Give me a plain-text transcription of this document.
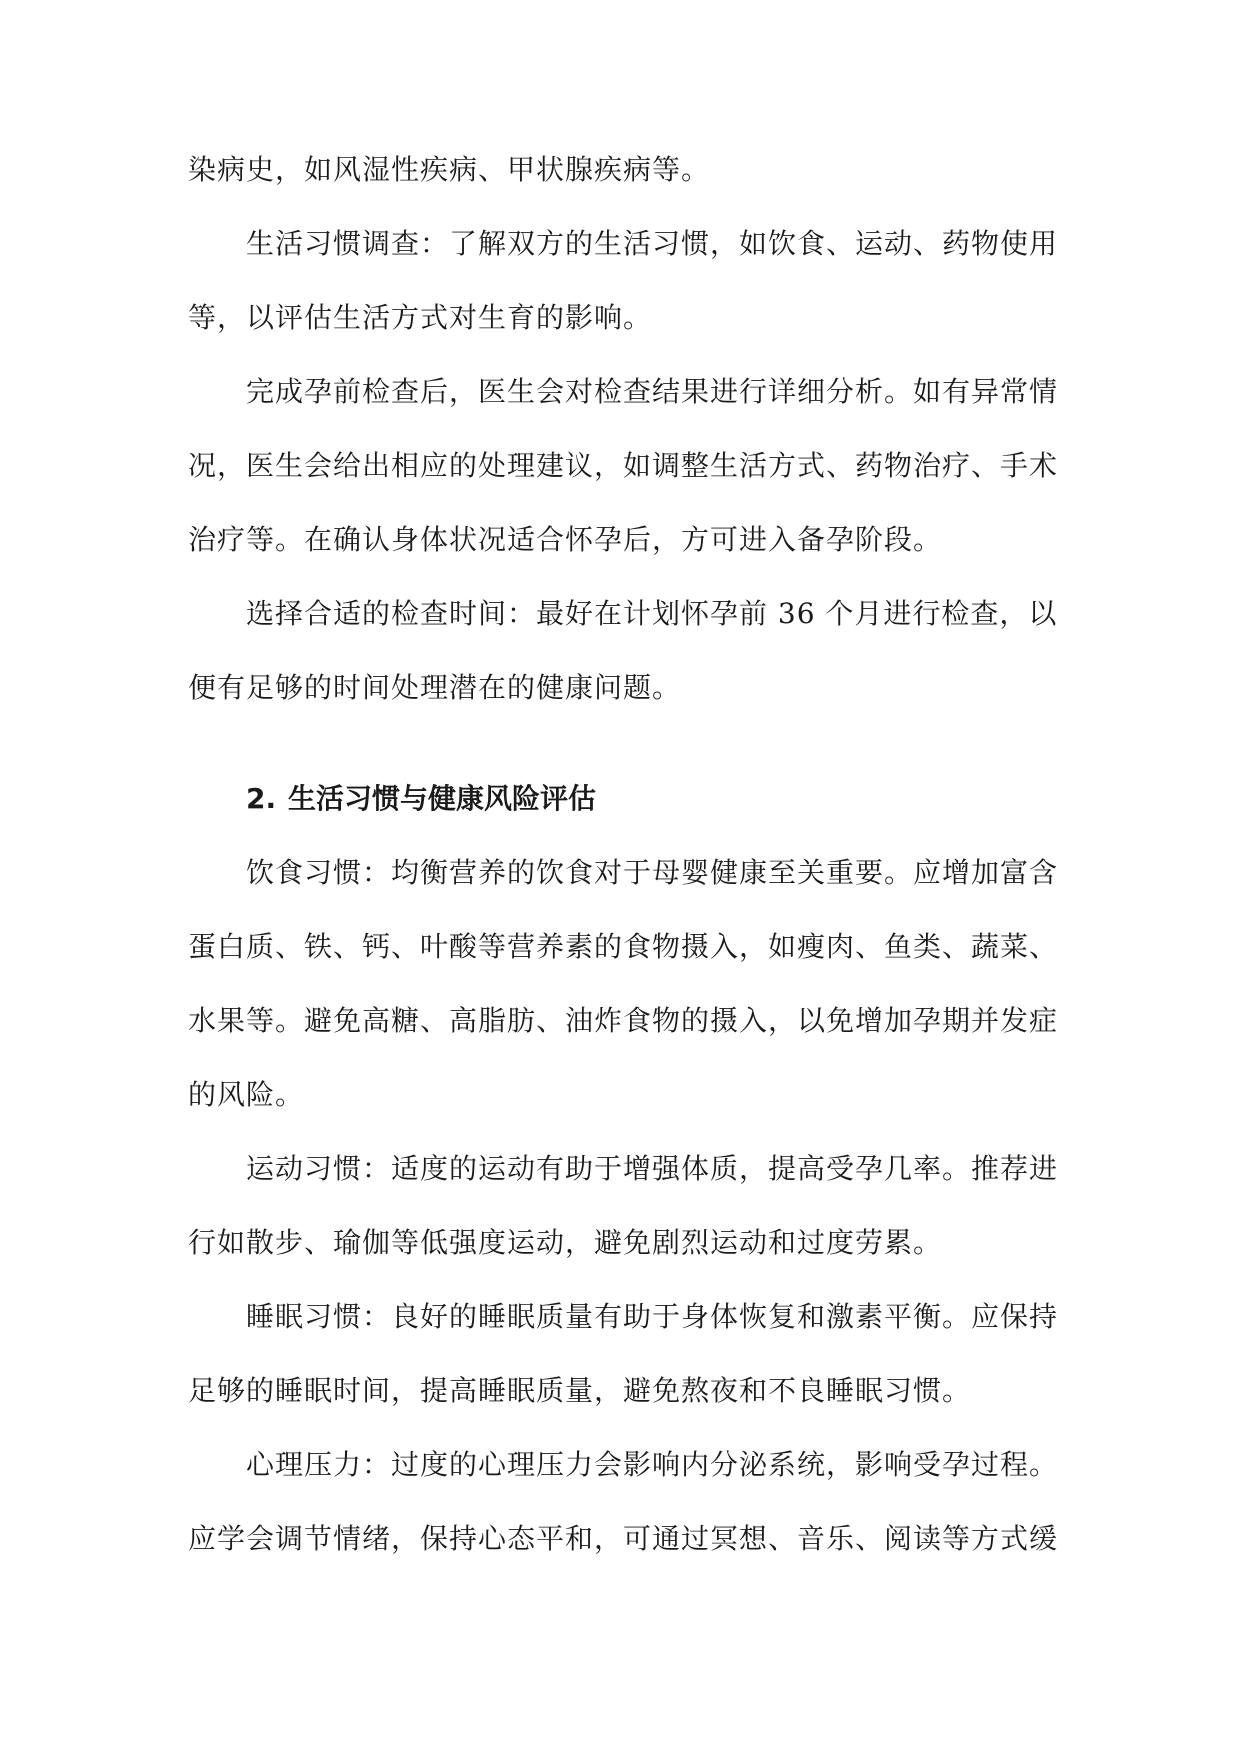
染病史，如风湿性疾病、甲状腺疾病等。
生活习惯调查：了解双方的生活习惯，如饮食、运动、药物使用
等，以评估生活方式对生育的影响。
完成孕前检查后，医生会对检查结果进行详细分析。如有异常情
况，医生会给出相应的处理建议，如调整生活方式、药物治疗、手术
治疗等。在确认身体状况适合怀孕后，方可进入备孕阶段。
选择合适的检查时间：最好在计划怀孕前 36 个月进行检查，以
便有足够的时间处理潜在的健康问题。
2. 生活习惯与健康风险评估
饮食习惯：均衡营养的饮食对于母婴健康至关重要。应增加富含
蛋白质、铁、钙、叶酸等营养素的食物摄入，如瘦肉、鱼类、蔬菜、
水果等。避免高糖、高脂肪、油炸食物的摄入，以免增加孕期并发症
的风险。
运动习惯：适度的运动有助于增强体质，提高受孕几率。推荐进
行如散步、瑜伽等低强度运动，避免剧烈运动和过度劳累。
睡眠习惯：良好的睡眠质量有助于身体恢复和激素平衡。应保持
足够的睡眠时间，提高睡眠质量，避免熬夜和不良睡眠习惯。
心理压力：过度的心理压力会影响内分泌系统，影响受孕过程。
应学会调节情绪，保持心态平和，可通过冥想、音乐、阅读等方式缓
